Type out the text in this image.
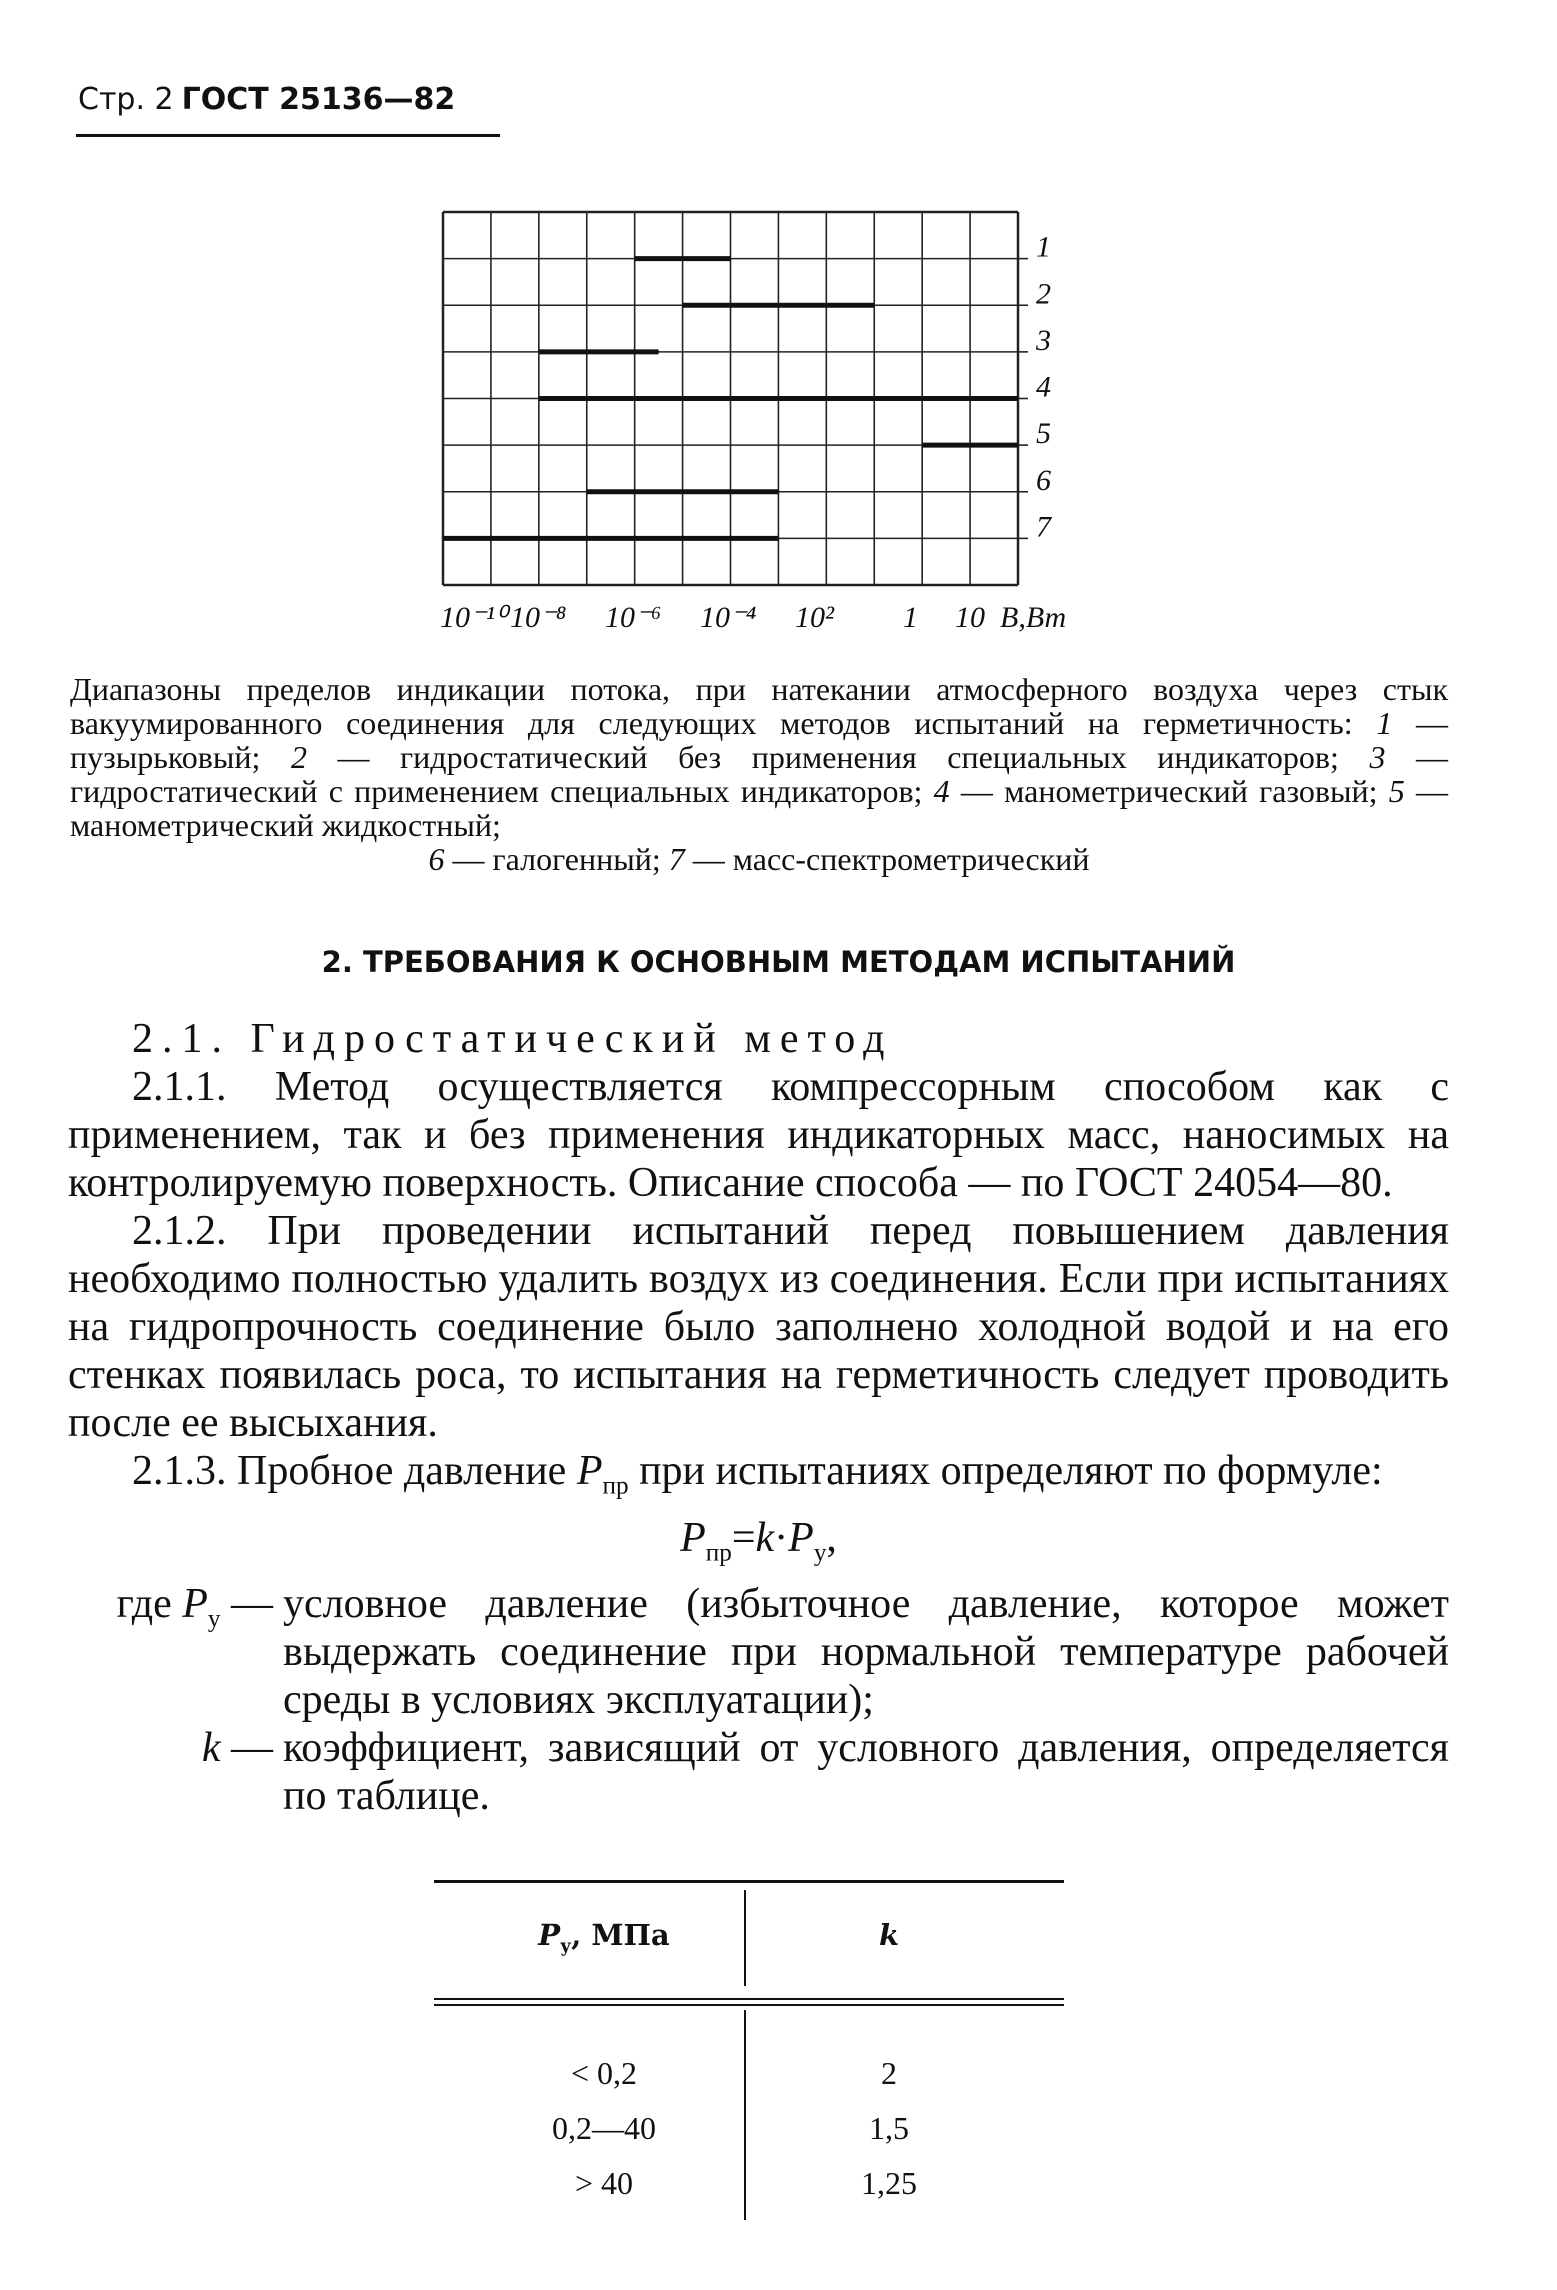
Стр. 2 ГОСТ 25136—82
1
2
3
4
5
6
7
10⁻¹⁰ 10⁻⁸ 10⁻⁶ 10⁻⁴ 10² 1 10 В,Вт
Диапазоны пределов индикации потока, при натекании атмосферного воздуха через стык вакуумированного соединения для следующих методов испытаний на герметичность: 1 — пузырьковый; 2 — гидростатический без применения специальных индикаторов; 3 — гидростатический с применением специальных индикаторов; 4 — манометрический газовый; 5 — манометрический жидкостный;
6 — галогенный; 7 — масс-спектрометрический
2. ТРЕБОВАНИЯ К ОСНОВНЫМ МЕТОДАМ ИСПЫТАНИЙ

2.1. Гидростатический метод

2.1.1. Метод осуществляется компрессорным способом как с применением, так и без применения индикаторных масс, наносимых на контролируемую поверхность. Описание способа — по ГОСТ 24054—80.

2.1.2. При проведении испытаний перед повышением давления необходимо полностью удалить воздух из соединения. Если при испытаниях на гидропрочность соединение было заполнено холодной водой и на его стенках появилась роса, то испытания на герметичность следует проводить после ее высыхания.

2.1.3. Пробное давление $P_{пр}$ при испытаниях определяют по формуле:

$P_{пр}=k\cdot P_у$,
где $P_у$ — условное давление (избыточное давление, которое может выдержать соединение при нормальной температуре рабочей среды в условиях эксплуатации);
k — коэффициент, зависящий от условного давления, определяется по таблице.
$P_у$, МПа	k
< 0,2	2
0,2—40	1,5
> 40	1,25
